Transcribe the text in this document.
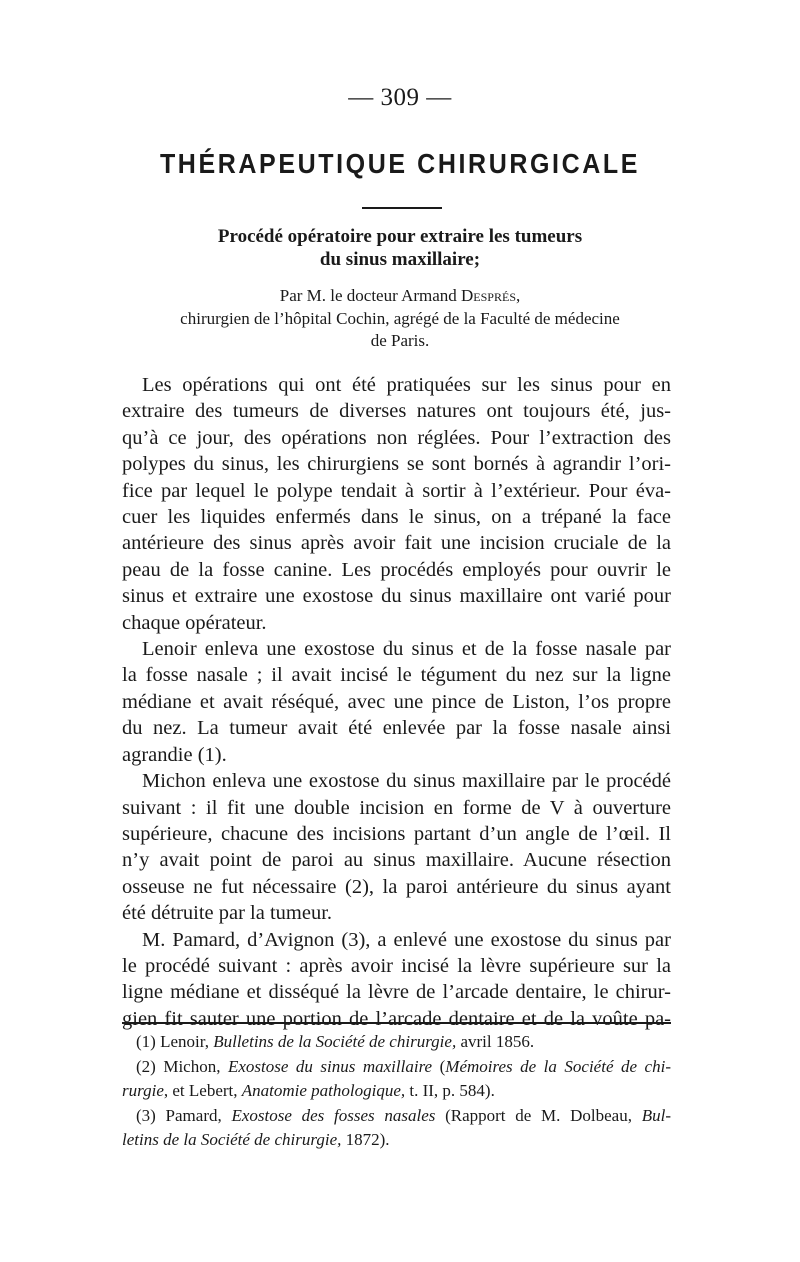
— 309 —
THÉRAPEUTIQUE CHIRURGICALE
Procédé opératoire pour extraire les tumeurs
du sinus maxillaire;
Par M. le docteur Armand Després,
chirurgien de l’hôpital Cochin, agrégé de la Faculté de médecine
de Paris.
Les opérations qui ont été pratiquées sur les sinus pour en
extraire des tumeurs de diverses natures ont toujours été, jus-
qu’à ce jour, des opérations non réglées. Pour l’extraction des
polypes du sinus, les chirurgiens se sont bornés à agrandir l’ori-
fice par lequel le polype tendait à sortir à l’extérieur. Pour éva-
cuer les liquides enfermés dans le sinus, on a trépané la face
antérieure des sinus après avoir fait une incision cruciale de la
peau de la fosse canine. Les procédés employés pour ouvrir le
sinus et extraire une exostose du sinus maxillaire ont varié pour
chaque opérateur.
Lenoir enleva une exostose du sinus et de la fosse nasale par
la fosse nasale ; il avait incisé le tégument du nez sur la ligne
médiane et avait réséqué, avec une pince de Liston, l’os propre
du nez. La tumeur avait été enlevée par la fosse nasale ainsi
agrandie (1).
Michon enleva une exostose du sinus maxillaire par le procédé
suivant : il fit une double incision en forme de V à ouverture
supérieure, chacune des incisions partant d’un angle de l’œil. Il
n’y avait point de paroi au sinus maxillaire. Aucune résection
osseuse ne fut nécessaire (2), la paroi antérieure du sinus ayant
été détruite par la tumeur.
M. Pamard, d’Avignon (3), a enlevé une exostose du sinus par
le procédé suivant : après avoir incisé la lèvre supérieure sur la
ligne médiane et disséqué la lèvre de l’arcade dentaire, le chirur-
gien fit sauter une portion de l’arcade dentaire et de la voûte pa-
(1) Lenoir, Bulletins de la Société de chirurgie, avril 1856.
(2) Michon, Exostose du sinus maxillaire (Mémoires de la Société de chi-
rurgie, et Lebert, Anatomie pathologique, t. II, p. 584).
(3) Pamard, Exostose des fosses nasales (Rapport de M. Dolbeau, Bul-
letins de la Société de chirurgie, 1872).
